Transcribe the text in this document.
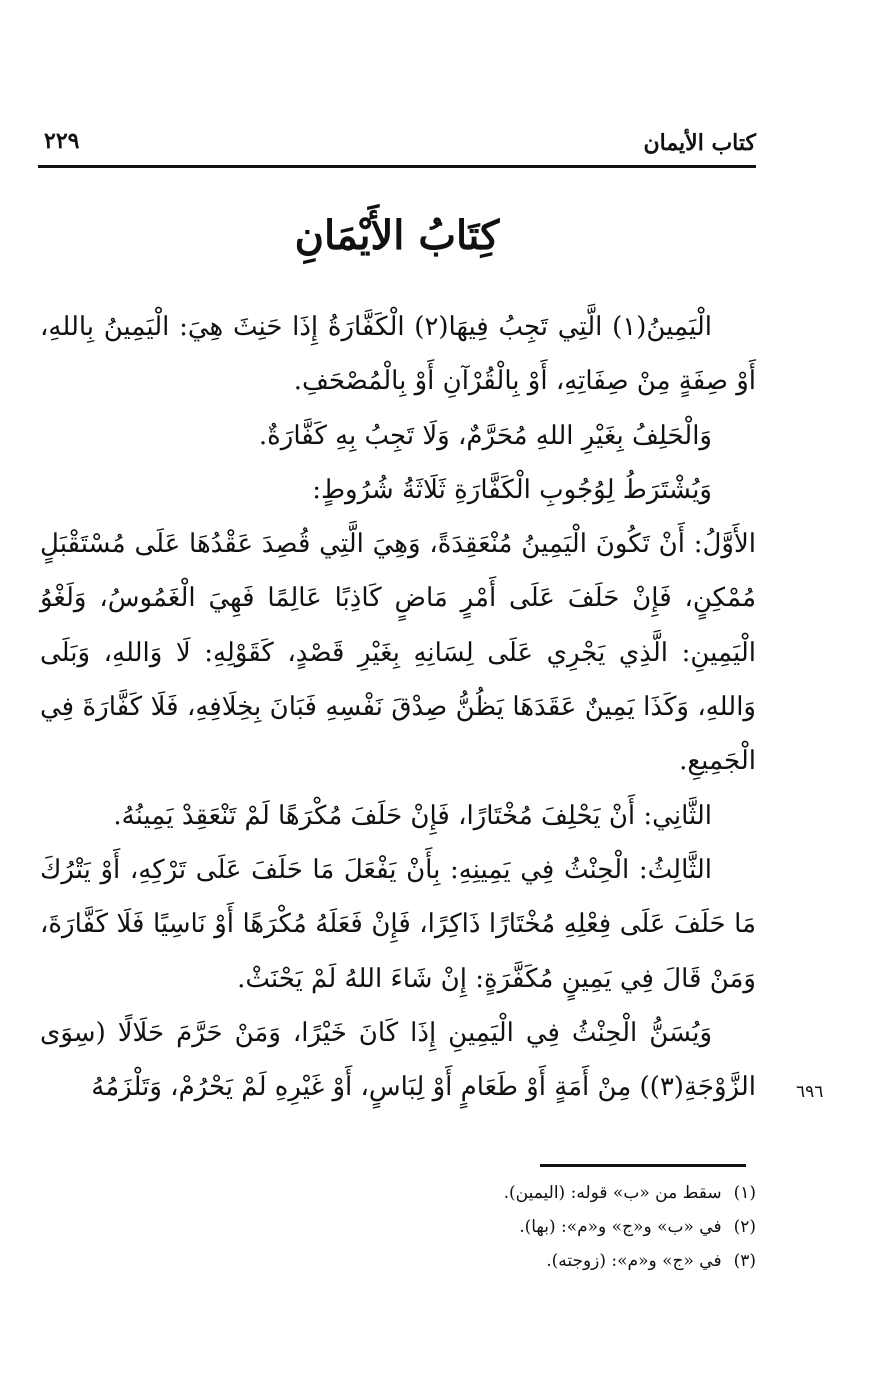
كتاب الأيمان
٢٢٩
كِتَابُ الأَيْمَانِ

الْيَمِينُ(١) الَّتِي تَجِبُ فِيهَا(٢) الْكَفَّارَةُ إِذَا حَنِثَ هِيَ: الْيَمِينُ بِاللهِ، أَوْ صِفَةٍ مِنْ صِفَاتِهِ، أَوْ بِالْقُرْآنِ أَوْ بِالْمُصْحَفِ.

وَالْحَلِفُ بِغَيْرِ اللهِ مُحَرَّمٌ، وَلَا تَجِبُ بِهِ كَفَّارَةٌ.

وَيُشْتَرَطُ لِوُجُوبِ الْكَفَّارَةِ ثَلَاثَةُ شُرُوطٍ:

الأَوَّلُ: أَنْ تَكُونَ الْيَمِينُ مُنْعَقِدَةً، وَهِيَ الَّتِي قُصِدَ عَقْدُهَا عَلَى مُسْتَقْبَلٍ مُمْكِنٍ، فَإِنْ حَلَفَ عَلَى أَمْرٍ مَاضٍ كَاذِبًا عَالِمًا فَهِيَ الْغَمُوسُ، وَلَغْوُ الْيَمِينِ: الَّذِي يَجْرِي عَلَى لِسَانِهِ بِغَيْرِ قَصْدٍ، كَقَوْلِهِ: لَا وَاللهِ، وَبَلَى وَاللهِ، وَكَذَا يَمِينٌ عَقَدَهَا يَظُنُّ صِدْقَ نَفْسِهِ فَبَانَ بِخِلَافِهِ، فَلَا كَفَّارَةَ فِي الْجَمِيعِ.

الثَّانِي: أَنْ يَحْلِفَ مُخْتَارًا، فَإِنْ حَلَفَ مُكْرَهًا لَمْ تَنْعَقِدْ يَمِينُهُ.

الثَّالِثُ: الْحِنْثُ فِي يَمِينِهِ: بِأَنْ يَفْعَلَ مَا حَلَفَ عَلَى تَرْكِهِ، أَوْ يَتْرُكَ مَا حَلَفَ عَلَى فِعْلِهِ مُخْتَارًا ذَاكِرًا، فَإِنْ فَعَلَهُ مُكْرَهًا أَوْ نَاسِيًا فَلَا كَفَّارَةَ، وَمَنْ قَالَ فِي يَمِينٍ مُكَفَّرَةٍ: إِنْ شَاءَ اللهُ لَمْ يَحْنَثْ.

وَيُسَنُّ الْحِنْثُ فِي الْيَمِينِ إِذَا كَانَ خَيْرًا، وَمَنْ حَرَّمَ حَلَالًا (سِوَى الزَّوْجَةِ(٣)) مِنْ أَمَةٍ أَوْ طَعَامٍ أَوْ لِبَاسٍ، أَوْ غَيْرِهِ لَمْ يَحْرُمْ، وَتَلْزَمُهُ ٦٩٦
(١)سقط من «ب» قوله: (اليمين).
(٢)في «ب» و«ج» و«م»: (بها).
(٣)في «ج» و«م»: (زوجته).
